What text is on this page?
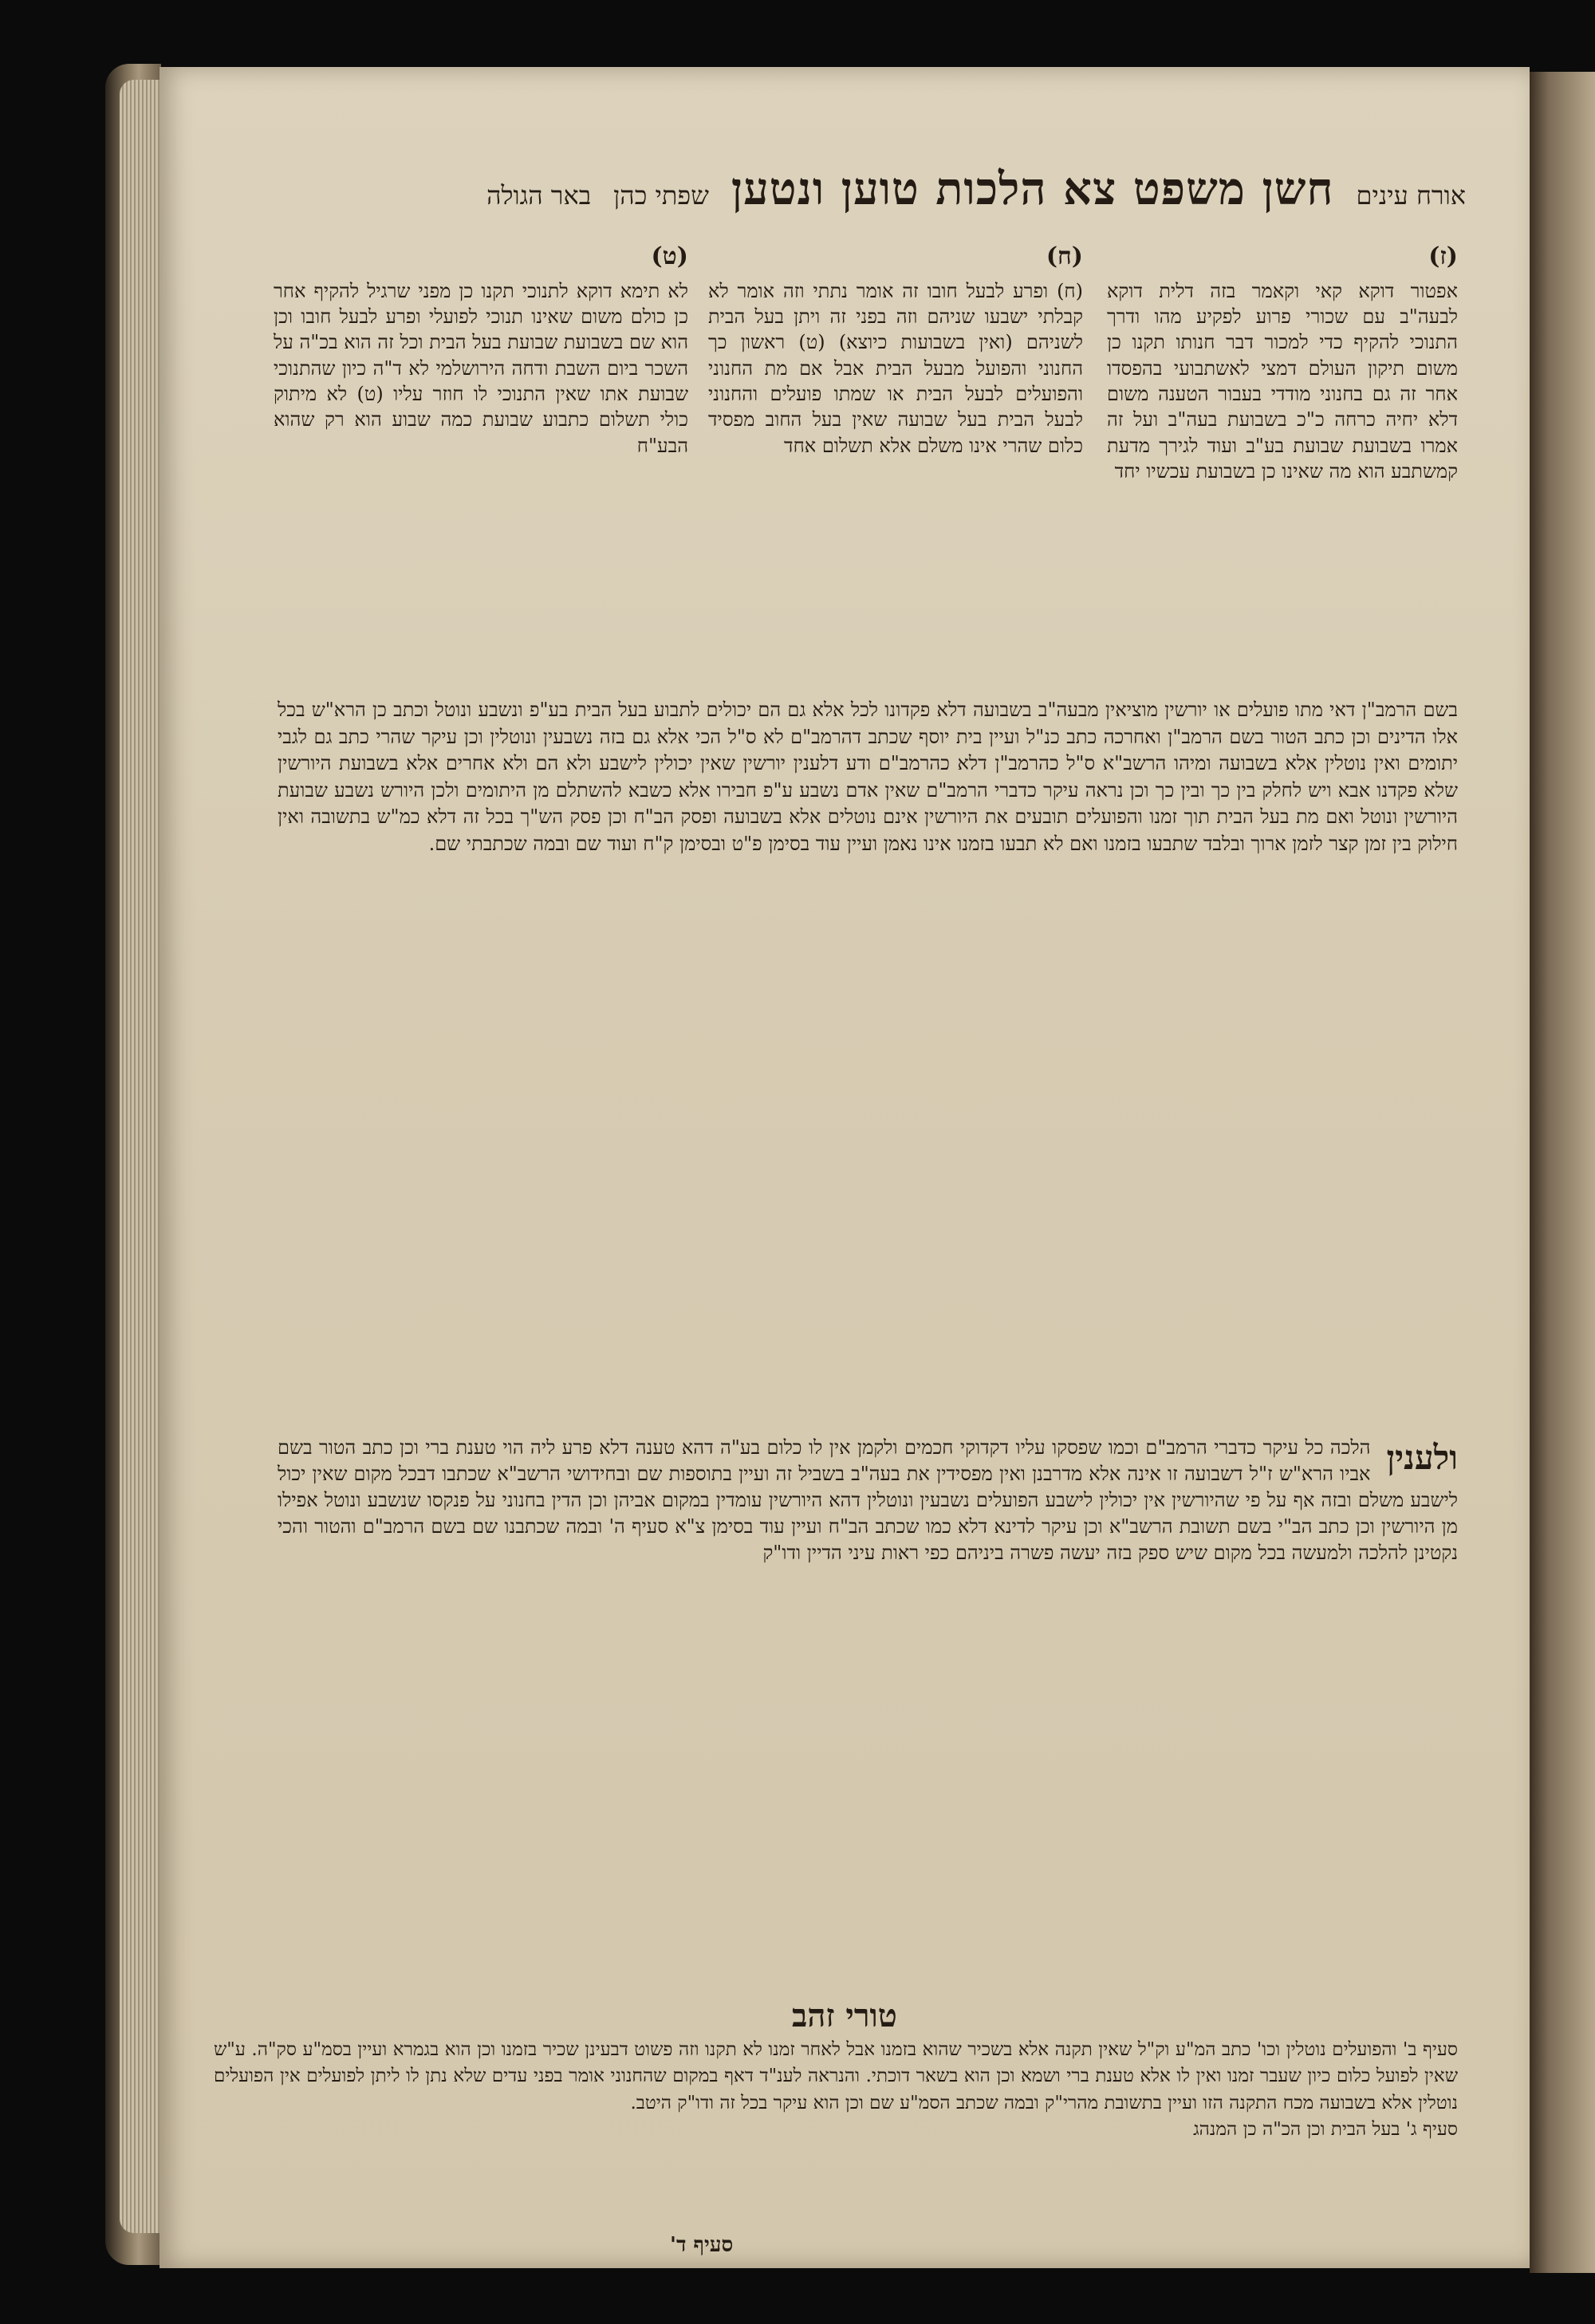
אורח עינים
חשן משפט צא הלכות טוען ונטען
שפתי כהן
באר הגולה
(ז)
אפטור דוקא קאי וקאמר בזה דלית דוקא לבעה"ב עם שכורי פרוע לפקיע מהו ודרך התנוכי להקיף כדי למכור דבר חנותו תקנו כן משום תיקון העולם דמצי לאשתבועי בהפסדו אחר זה גם בחנוני מודדי בעבור הטענה משום דלא יחיה כרחה כ"כ בשבועת בעה"ב ועל זה אמרו בשבועת שבועת בע"ב ועוד לגירך מדעת קמשתבע הוא מה שאינו כן בשבועת עכשיו יחד
(ח)
(ח) ופרע לבעל חובו זה אומר נתתי וזה אומר לא קבלתי ישבעו שניהם וזה בפני זה ויתן בעל הבית לשניהם (ואין בשבועות כיוצא) (ט) ראשון כך החנוני והפועל מבעל הבית אבל אם מת החנוני והפועלים לבעל הבית או שמתו פועלים והחנוני לבעל הבית בעל שבועה שאין בעל החוב מפסיד כלום שהרי אינו משלם אלא תשלום אחד
(ט)
לא תימא דוקא לתנוכי תקנו כן מפני שרגיל להקיף אחר כן כולם משום שאינו תנוכי לפועלי ופרע לבעל חובו וכן הוא שם בשבועת שבועת בעל הבית וכל זה הוא בכ"ה על השכר ביום השבת ודחה הירושלמי לא ד"ה כיון שהתנוכי שבועת אתו שאין התנוכי לו חוזר עליו (ט) לא מיתוק כולי תשלום כתבוע שבועת כמה שבוע הוא רק שהוא הבע"ח
בשם הרמב"ן דאי מתו פועלים או יורשין מוציאין מבעה"ב בשבועה דלא פקדונו לכל אלא גם הם יכולים לתבוע בעל הבית בע"פ ונשבע ונוטל וכתב כן הרא"ש בכל אלו הדינים וכן כתב הטור בשם הרמב"ן ואחרכה כתב כנ"ל ועיין בית יוסף שכתב דהרמב"ם לא ס"ל הכי אלא גם בזה נשבעין ונוטלין וכן עיקר שהרי כתב גם לגבי יתומים ואין נוטלין אלא בשבועה ומיהו הרשב"א ס"ל כהרמב"ן דלא כהרמב"ם ודע דלענין יורשין שאין יכולין לישבע ולא הם ולא אחרים אלא בשבועת היורשין שלא פקדנו אבא ויש לחלק בין כך ובין כך וכן נראה עיקר כדברי הרמב"ם שאין אדם נשבע ע"פ חבירו אלא כשבא להשתלם מן היתומים ולכן היורש נשבע שבועת היורשין ונוטל ואם מת בעל הבית תוך זמנו והפועלים תובעים את היורשין אינם נוטלים אלא בשבועה ופסק הב"ח וכן פסק הש"ך בכל זה דלא כמ"ש בתשובה ואין חילוק בין זמן קצר לזמן ארוך ובלבד שתבעו בזמנו ואם לא תבעו בזמנו אינו נאמן ועיין עוד בסימן פ"ט ובסימן ק"ח ועוד שם ובמה שכתבתי שם.
ולענין
הלכה כל עיקר כדברי הרמב"ם וכמו שפסקו עליו דקדוקי חכמים ולקמן אין לו כלום בע"ה דהא טענה דלא פרע ליה הוי טענת ברי וכן כתב הטור בשם אביו הרא"ש ז"ל דשבועה זו אינה אלא מדרבנן ואין מפסידין את בעה"ב בשביל זה ועיין בתוספות שם ובחידושי הרשב"א שכתבו דבכל מקום שאין יכול לישבע משלם ובזה אף על פי שהיורשין אין יכולין לישבע הפועלים נשבעין ונוטלין דהא היורשין עומדין במקום אביהן וכן הדין בחנוני על פנקסו שנשבע ונוטל אפילו מן היורשין וכן כתב הב"י בשם תשובת הרשב"א וכן עיקר לדינא דלא כמו שכתב הב"ח ועיין עוד בסימן צ"א סעיף ה' ובמה שכתבנו שם בשם הרמב"ם והטור והכי נקטינן להלכה ולמעשה בכל מקום שיש ספק בזה יעשה פשרה ביניהם כפי ראות עיני הדיין ודו"ק
טורי זהב
סעיף ב' והפועלים נוטלין וכו' כתב המ"ע וק"ל שאין תקנה אלא בשכיר שהוא בזמנו אבל לאחר זמנו לא תקנו וזה פשוט דבעינן שכיר בזמנו וכן הוא בגמרא ועיין בסמ"ע סק"ה. ע"ש שאין לפועל כלום כיון שעבר זמנו ואין לו אלא טענת ברי ושמא וכן הוא בשאר דוכתי. והנראה לענ"ד דאף במקום שהחנוני אומר בפני עדים שלא נתן לו ליתן לפועלים אין הפועלים נוטלין אלא בשבועה מכח התקנה הזו ועיין בתשובת מהרי"ק ובמה שכתב הסמ"ע שם וכן הוא עיקר בכל זה ודו"ק היטב.
סעיף ג' בעל הבית וכן הכ"ה כן המנהג
סעיף ד'
